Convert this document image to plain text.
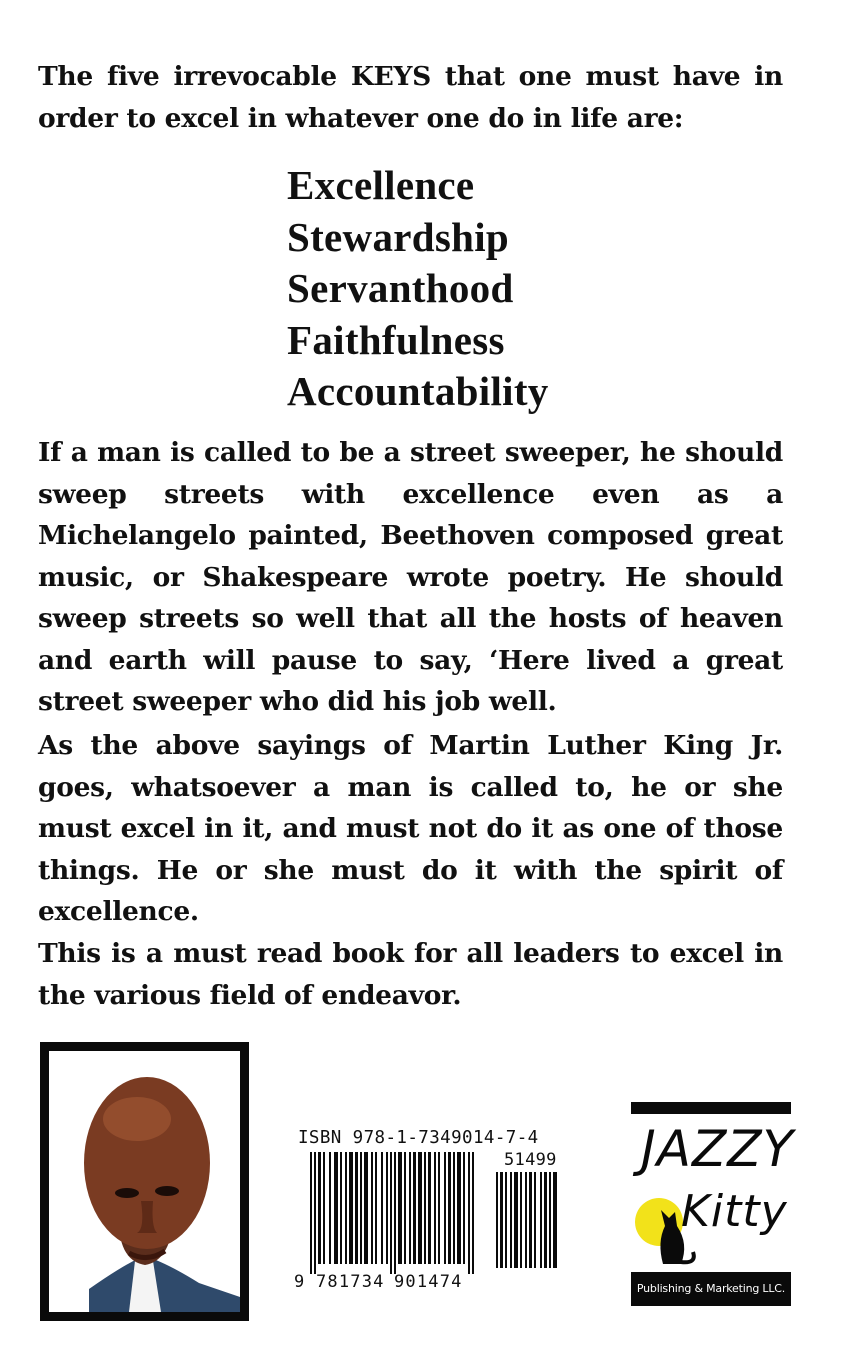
The five irrevocable KEYS that one must have in order to excel in whatever one do in life are:
Excellence
Stewardship
Servanthood
Faithfulness
Accountability
If a man is called to be a street sweeper, he should sweep streets with excellence even as a Michelangelo painted, Beethoven composed great music, or Shakespeare wrote poetry. He should sweep streets so well that all the hosts of heaven and earth will pause to say, ‘Here lived a great street sweeper who did his job well.
As the above sayings of Martin Luther King Jr. goes, whatsoever a man is called to, he or she must excel in it, and must not do it as one of those things. He or she must do it with the spirit of excellence.
This is a must read book for all leaders to excel in the various field of endeavor.
ISBN 978-1-7349014-7-4
51499
9 781734 901474
JAZZY
Kitty
Publishing & Marketing LLC.
